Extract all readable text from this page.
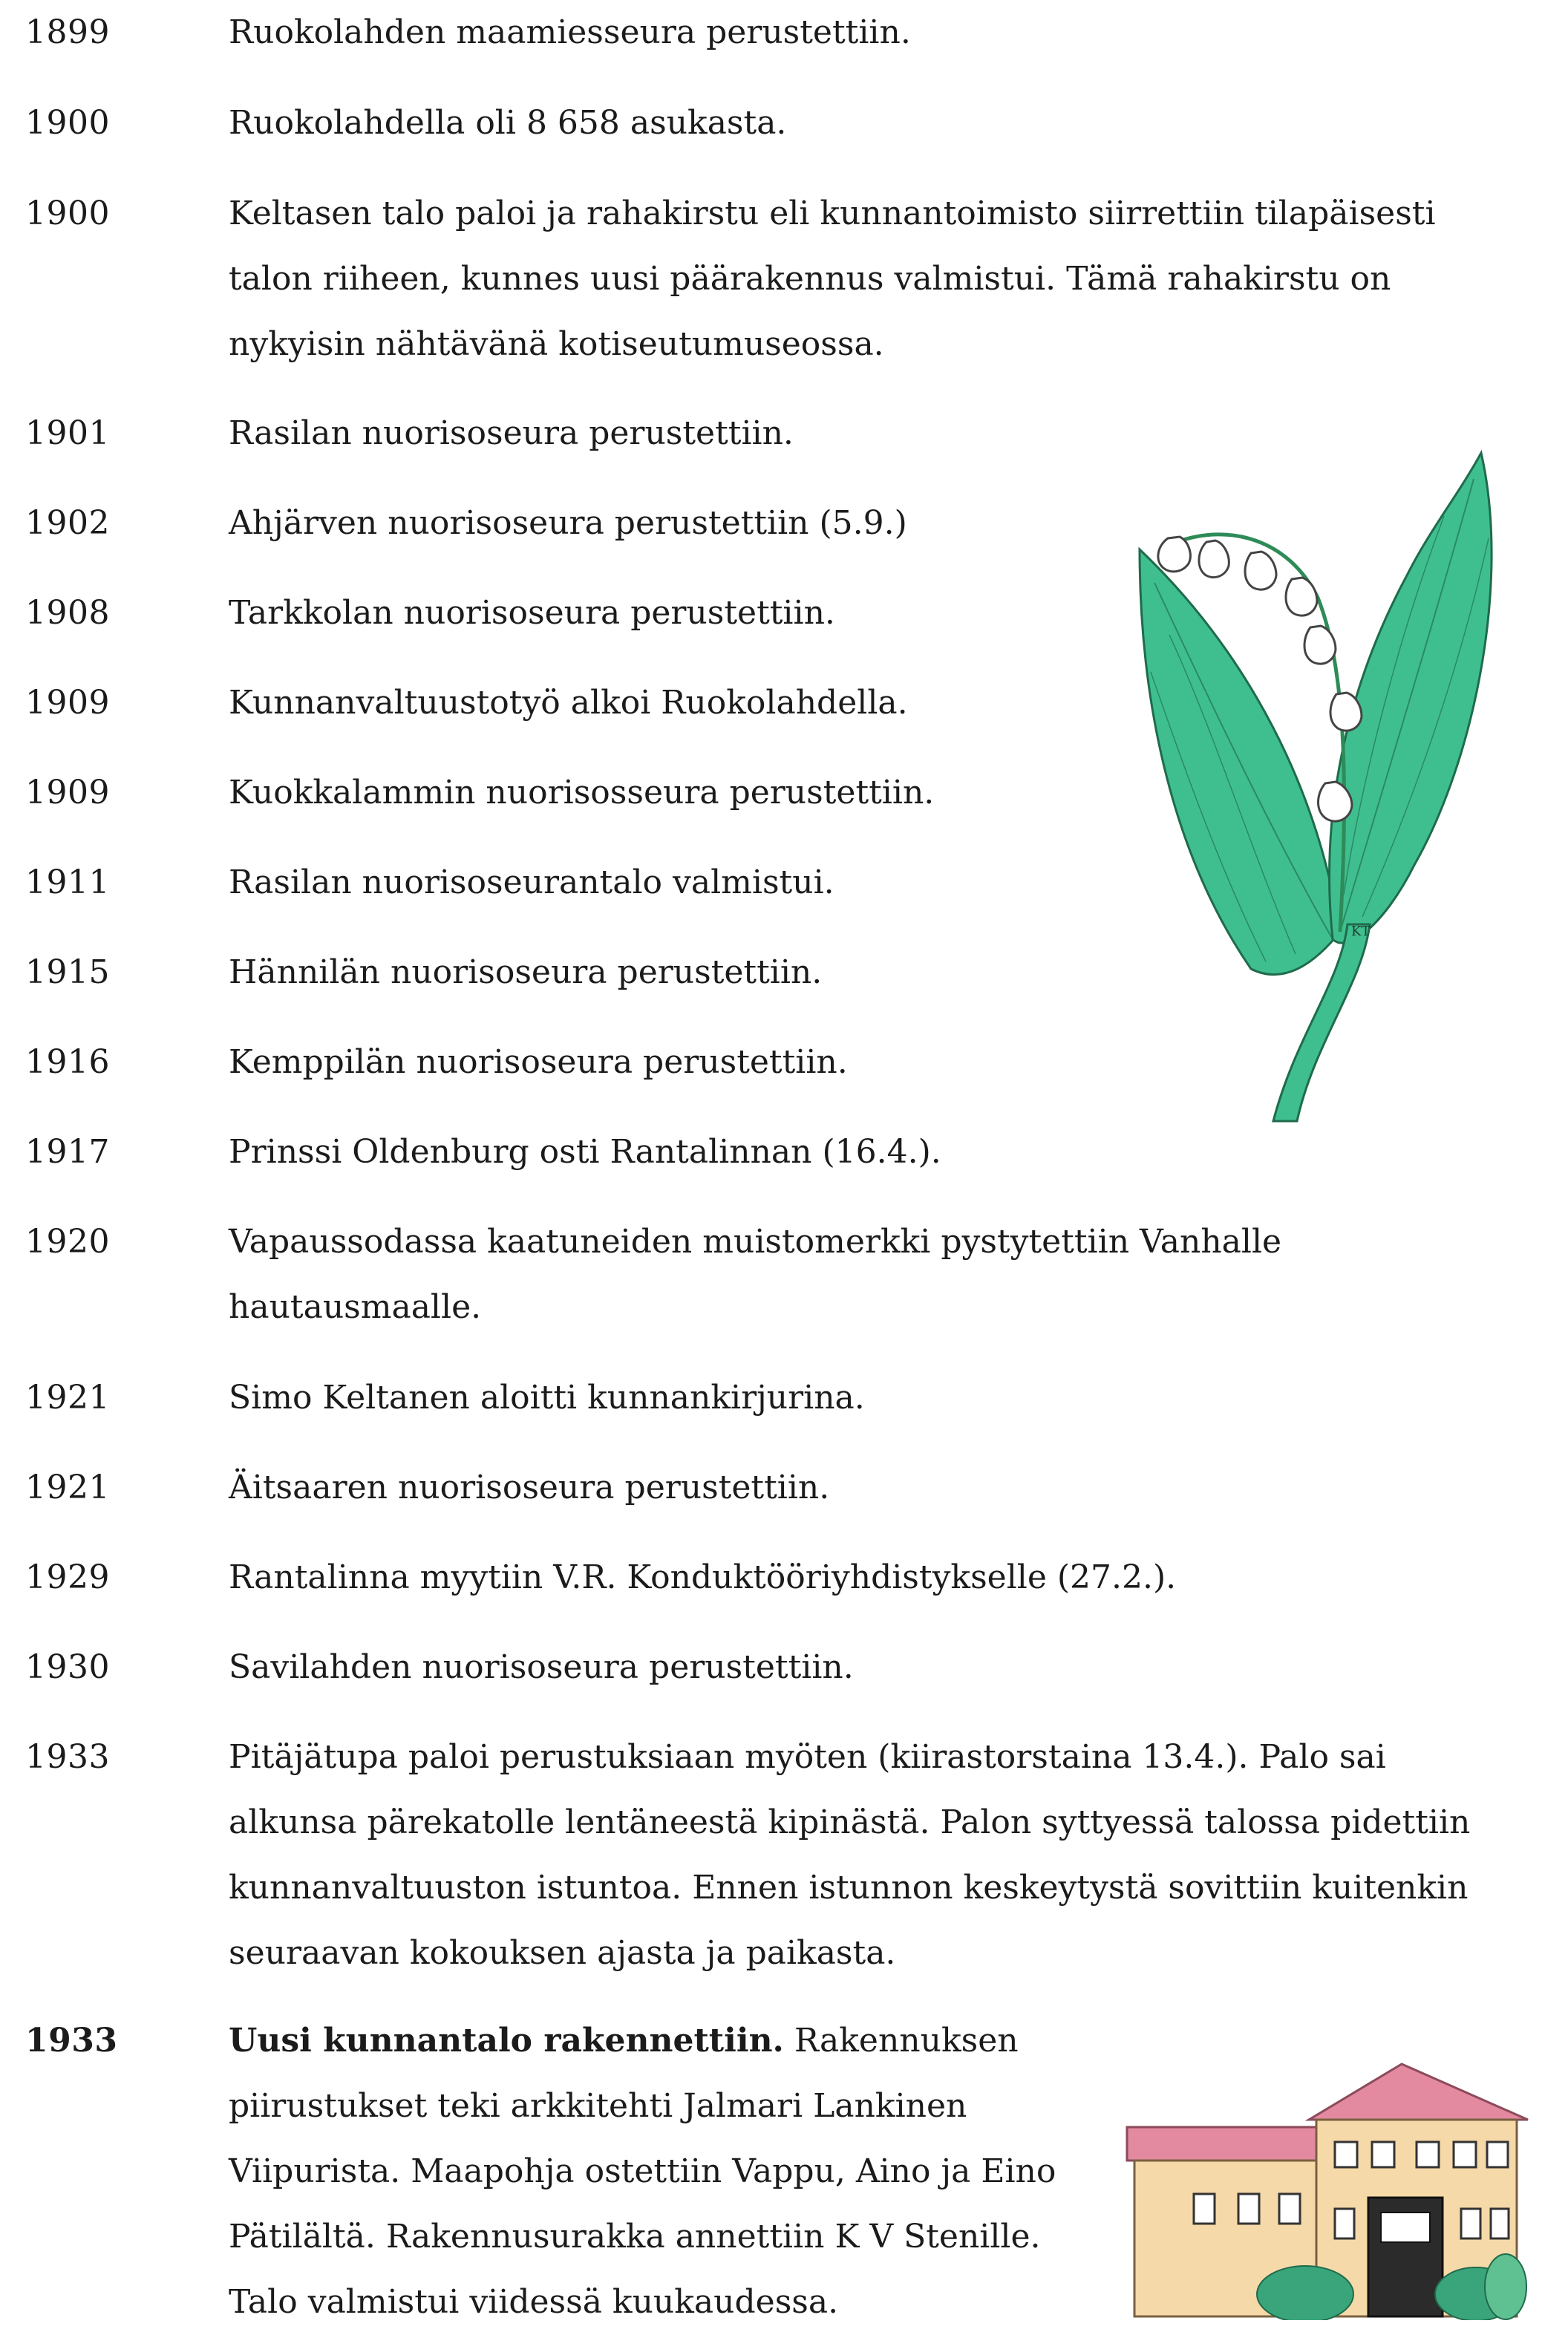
1899	Ruokolahden maamiesseura perustettiin.
1900	Ruokolahdella oli 8 658 asukasta.
1900	Keltasen talo paloi ja rahakirstu eli kunnantoimisto siirrettiin tilapäisesti

talon riiheen, kunnes uusi päärakennus valmistui. Tämä rahakirstu on

nykyisin nähtävänä kotiseutumuseossa.

1901	Rasilan nuorisoseura perustettiin.
1902	Ahjärven nuorisoseura perustettiin (5.9.)
1908	Tarkkolan nuorisoseura perustettiin.
1909	Kunnanvaltuustotyö alkoi Ruokolahdella.
1909	Kuokkalammin nuorisosseura perustettiin.
1911	Rasilan nuorisoseurantalo valmistui.
1915	Hännilän nuorisoseura perustettiin.
1916	Kemppilän nuorisoseura perustettiin.
1917	Prinssi Oldenburg osti Rantalinnan (16.4.).
1920	Vapaussodassa kaatuneiden muistomerkki pystytettiin Vanhalle

hautausmaalle.

1921	Simo Keltanen aloitti kunnankirjurina.
1921	Äitsaaren nuorisoseura perustettiin.
1929	Rantalinna myytiin V.R. Konduktööriyhdistykselle (27.2.).
1930	Savilahden nuorisoseura perustettiin.
1933	Pitäjätupa paloi perustuksiaan myöten (kiirastorstaina 13.4.). Palo sai

alkunsa pärekatolle lentäneestä kipinästä. Palon syttyessä talossa pidettiin

kunnanvaltuuston istuntoa. Ennen istunnon keskeytystä sovittiin kuitenkin

seuraavan kokouksen ajasta ja paikasta.

1933	Uusi kunnantalo rakennettiin. Rakennuksen

piirustukset teki arkkitehti Jalmari Lankinen

Viipurista. Maapohja ostettiin Vappu, Aino ja Eino

Pätilältä. Rakennusurakka annettiin K V Stenille.

Talo valmistui viidessä kuukaudessa.

KT
